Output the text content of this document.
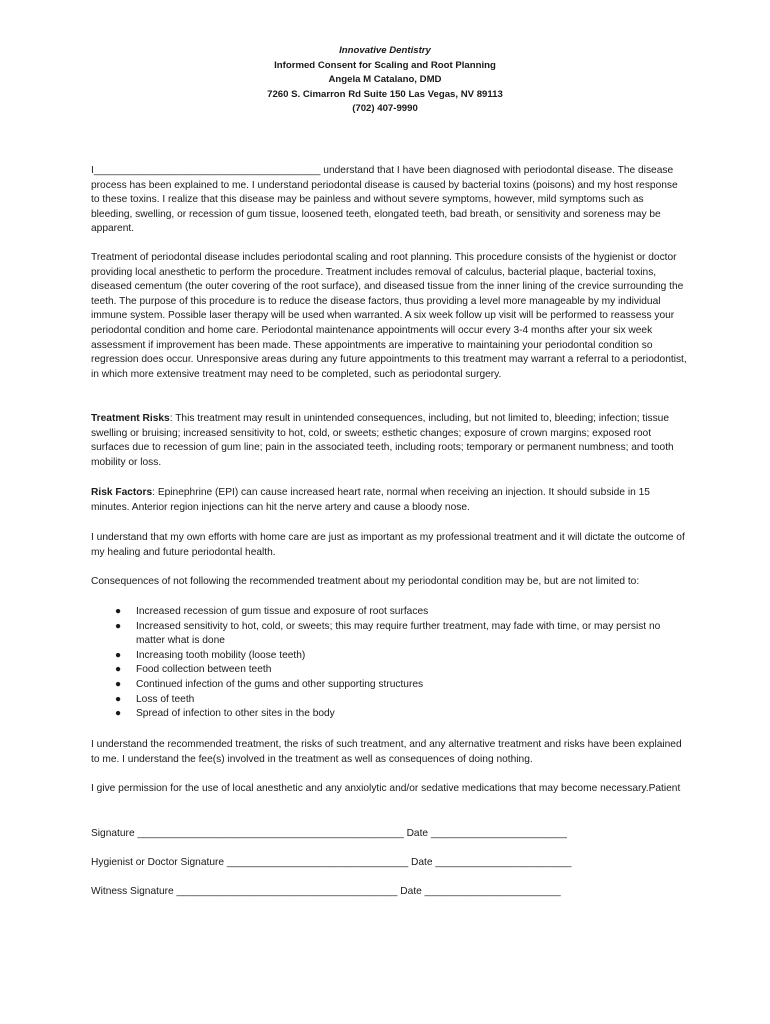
Innovative Dentistry
Informed Consent for Scaling and Root Planning
Angela M Catalano, DMD
7260 S. Cimarron Rd Suite 150 Las Vegas, NV 89113
(702) 407-9990

I________________________________________ understand that I have been diagnosed with periodontal disease. The disease process has been explained to me. I understand periodontal disease is caused by bacterial toxins (poisons) and my host response to these toxins. I realize that this disease may be painless and without severe symptoms, however, mild symptoms such as bleeding, swelling, or recession of gum tissue, loosened teeth, elongated teeth, bad breath, or sensitivity and soreness may be apparent.

Treatment of periodontal disease includes periodontal scaling and root planning. This procedure consists of the hygienist or doctor providing local anesthetic to perform the procedure. Treatment includes removal of calculus, bacterial plaque, bacterial toxins, diseased cementum (the outer covering of the root surface), and diseased tissue from the inner lining of the crevice surrounding the teeth. The purpose of this procedure is to reduce the disease factors, thus providing a level more manageable by my individual immune system. Possible laser therapy will be used when warranted. A six week follow up visit will be performed to reassess your periodontal condition and home care. Periodontal maintenance appointments will occur every 3-4 months after your six week assessment if improvement has been made. These appointments are imperative to maintaining your periodontal condition so regression does occur. Unresponsive areas during any future appointments to this treatment may warrant a referral to a periodontist, in which more extensive treatment may need to be completed, such as periodontal surgery.

Treatment Risks: This treatment may result in unintended consequences, including, but not limited to, bleeding; infection; tissue swelling or bruising; increased sensitivity to hot, cold, or sweets; esthetic changes; exposure of crown margins; exposed root surfaces due to recession of gum line; pain in the associated teeth, including roots; temporary or permanent numbness; and tooth mobility or loss.

Risk Factors: Epinephrine (EPI) can cause increased heart rate, normal when receiving an injection. It should subside in 15 minutes. Anterior region injections can hit the nerve artery and cause a bloody nose.

I understand that my own efforts with home care are just as important as my professional treatment and it will dictate the outcome of my healing and future periodontal health.

Consequences of not following the recommended treatment about my periodontal condition may be, but are not limited to:

● Increased recession of gum tissue and exposure of root surfaces
● Increased sensitivity to hot, cold, or sweets; this may require further treatment, may fade with time, or may persist no matter what is done
● Increasing tooth mobility (loose teeth)
● Food collection between teeth
● Continued infection of the gums and other supporting structures
● Loss of teeth
● Spread of infection to other sites in the body

I understand the recommended treatment, the risks of such treatment, and any alternative treatment and risks have been explained to me. I understand the fee(s) involved in the treatment as well as consequences of doing nothing.

I give permission for the use of local anesthetic and any anxiolytic and/or sedative medications that may become necessary.Patient

Signature _______________________________________________ Date ________________________
Hygienist or Doctor Signature ________________________________ Date ________________________
Witness Signature _______________________________________ Date ________________________
